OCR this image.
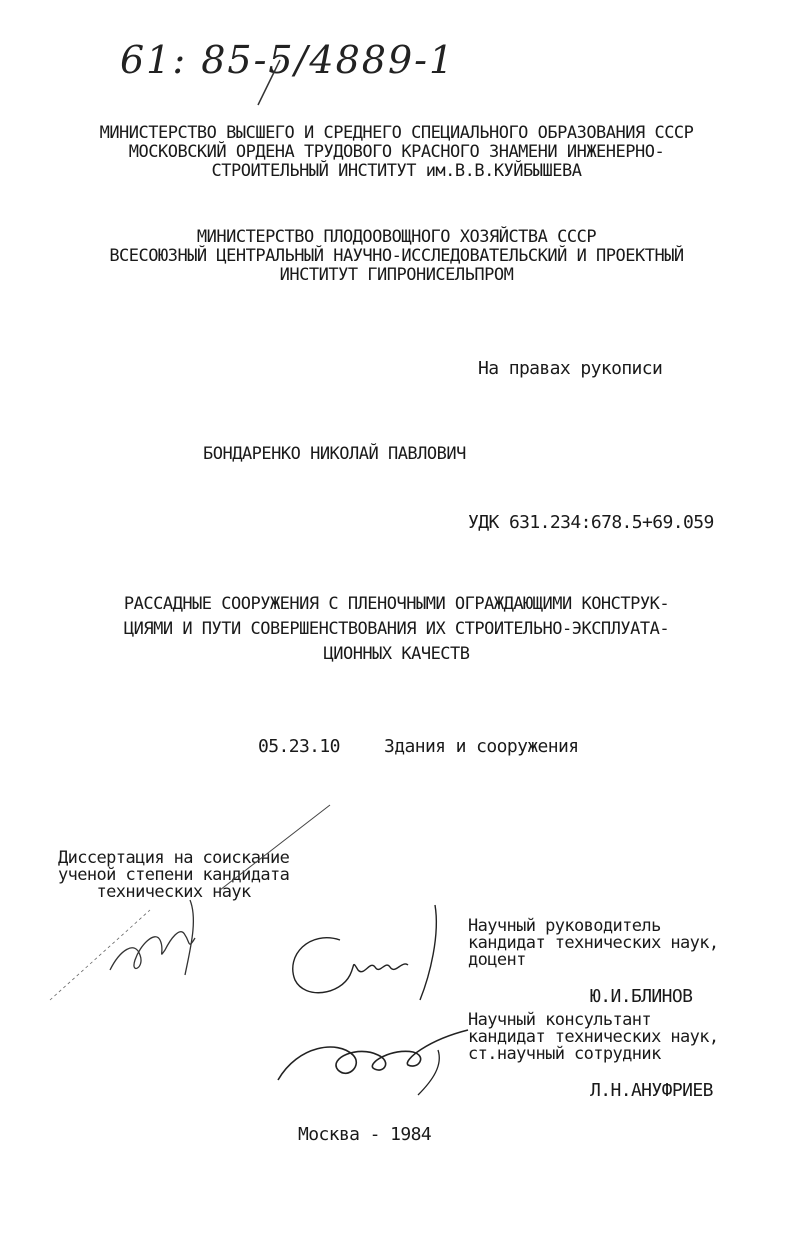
61: 85-5/4889-1
МИНИСТЕРСТВО ВЫСШЕГО И СРЕДНЕГО СПЕЦИАЛЬНОГО ОБРАЗОВАНИЯ СССР
МОСКОВСКИЙ ОРДЕНА ТРУДОВОГО КРАСНОГО ЗНАМЕНИ ИНЖЕНЕРНО-
СТРОИТЕЛЬНЫЙ ИНСТИТУТ им.В.В.КУЙБЫШЕВА
МИНИСТЕРСТВО ПЛОДООВОЩНОГО ХОЗЯЙСТВА СССР
ВСЕСОЮЗНЫЙ ЦЕНТРАЛЬНЫЙ НАУЧНО-ИССЛЕДОВАТЕЛЬСКИЙ И ПРОЕКТНЫЙ
ИНСТИТУТ ГИПРОНИСЕЛЬПРОМ
На правах рукописи
БОНДАРЕНКО НИКОЛАЙ ПАВЛОВИЧ
УДК 631.234:678.5+69.059
РАССАДНЫЕ СООРУЖЕНИЯ С ПЛЕНОЧНЫМИ ОГРАЖДАЮЩИМИ КОНСТРУК-
ЦИЯМИ И ПУТИ СОВЕРШЕНСТВОВАНИЯ ИХ СТРОИТЕЛЬНО-ЭКСПЛУАТА-
ЦИОННЫХ КАЧЕСТВ
05.23.10 Здания и сооружения
Диссертация на соискание
ученой степени кандидата
технических наук
Научный руководитель
кандидат технических наук,
доцент
Ю.И.БЛИНОВ
Научный консультант
кандидат технических наук,
ст.научный сотрудник
Л.Н.АНУФРИЕВ
Москва - 1984
